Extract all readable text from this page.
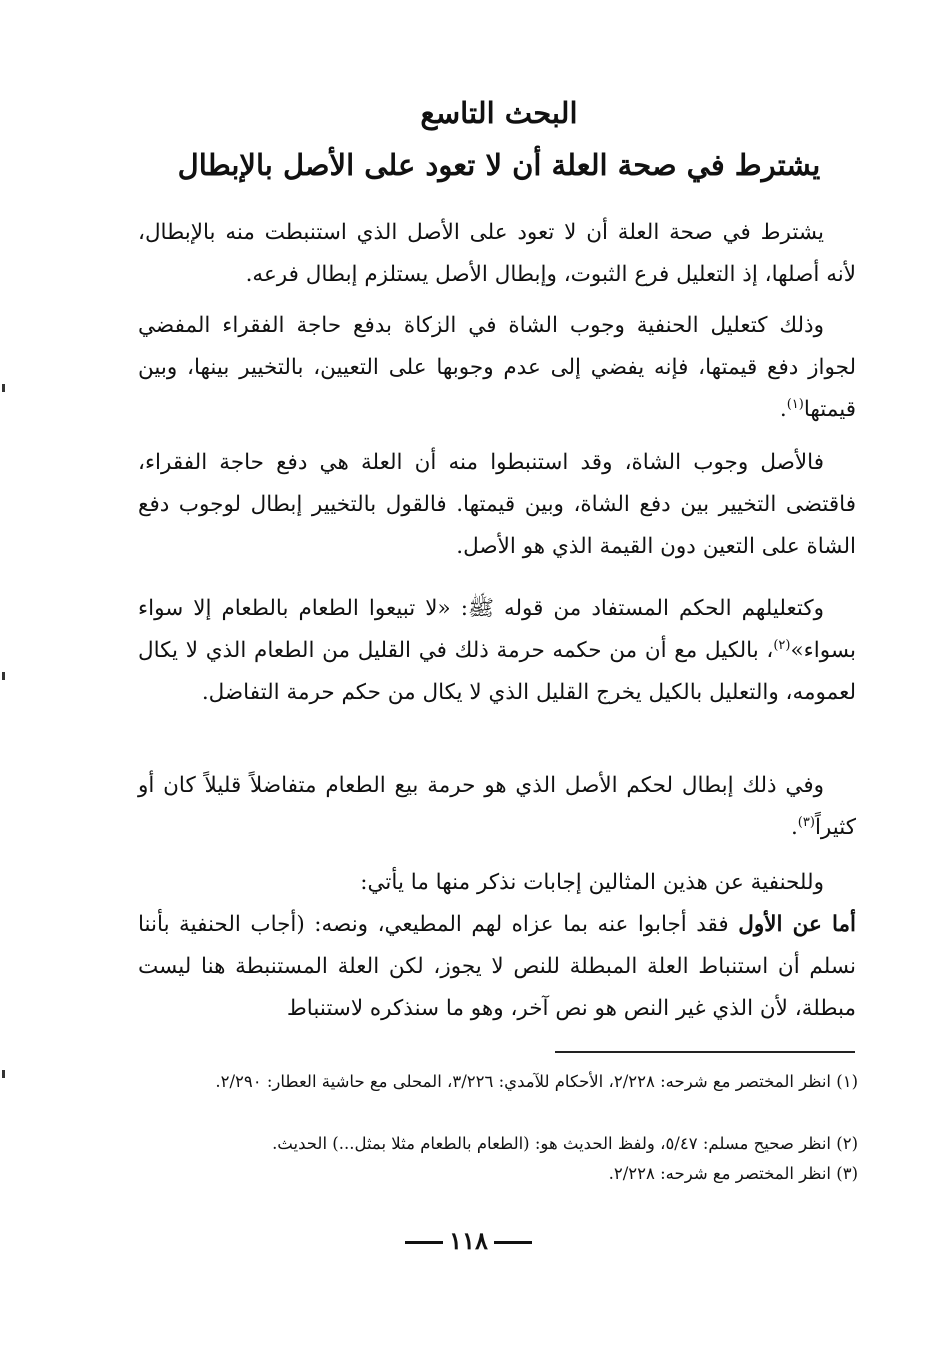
البحث التاسع
يشترط في صحة العلة أن لا تعود على الأصل بالإبطال

يشترط في صحة العلة أن لا تعود على الأصل الذي استنبطت منه بالإبطال، لأنه أصلها، إذ التعليل فرع الثبوت، وإبطال الأصل يستلزم إبطال فرعه.

وذلك كتعليل الحنفية وجوب الشاة في الزكاة بدفع حاجة الفقراء المفضي لجواز دفع قيمتها، فإنه يفضي إلى عدم وجوبها على التعيين، بالتخيير بينها، وبين قيمتها$^{(١)}$.

فالأصل وجوب الشاة، وقد استنبطوا منه أن العلة هي دفع حاجة الفقراء، فاقتضى التخيير بين دفع الشاة، وبين قيمتها. فالقول بالتخيير إبطال لوجوب دفع الشاة على التعين دون القيمة الذي هو الأصل.

وكتعليلهم الحكم المستفاد من قوله ﷺ: «لا تبيعوا الطعام بالطعام إلا سواء بسواء»$^{(٢)}$، بالكيل مع أن من حكمه حرمة ذلك في القليل من الطعام الذي لا يكال لعمومه، والتعليل بالكيل يخرج القليل الذي لا يكال من حكم حرمة التفاضل.

وفي ذلك إبطال لحكم الأصل الذي هو حرمة بيع الطعام متفاضلاً قليلاً كان أو كثيراً$^{(٣)}$.

وللحنفية عن هذين المثالين إجابات نذكر منها ما يأتي:

أما عن الأول فقد أجابوا عنه بما عزاه لهم المطيعي، ونصه: (أجاب الحنفية بأننا نسلم أن استنباط العلة المبطلة للنص لا يجوز، لكن العلة المستنبطة هنا ليست مبطلة، لأن الذي غير النص هو نص آخر، وهو ما سنذكره لاستنباط

(١) انظر المختصر مع شرحه: ٢/٢٢٨، الأحكام للآمدي: ٣/٢٢٦، المحلى مع حاشية العطار: ٢/٢٩٠.

(٢) انظر صحيح مسلم: ٥/٤٧، ولفظ الحديث هو: (الطعام بالطعام مثلا بمثل...) الحديث.

(٣) انظر المختصر مع شرحه: ٢/٢٢٨.

١١٨
